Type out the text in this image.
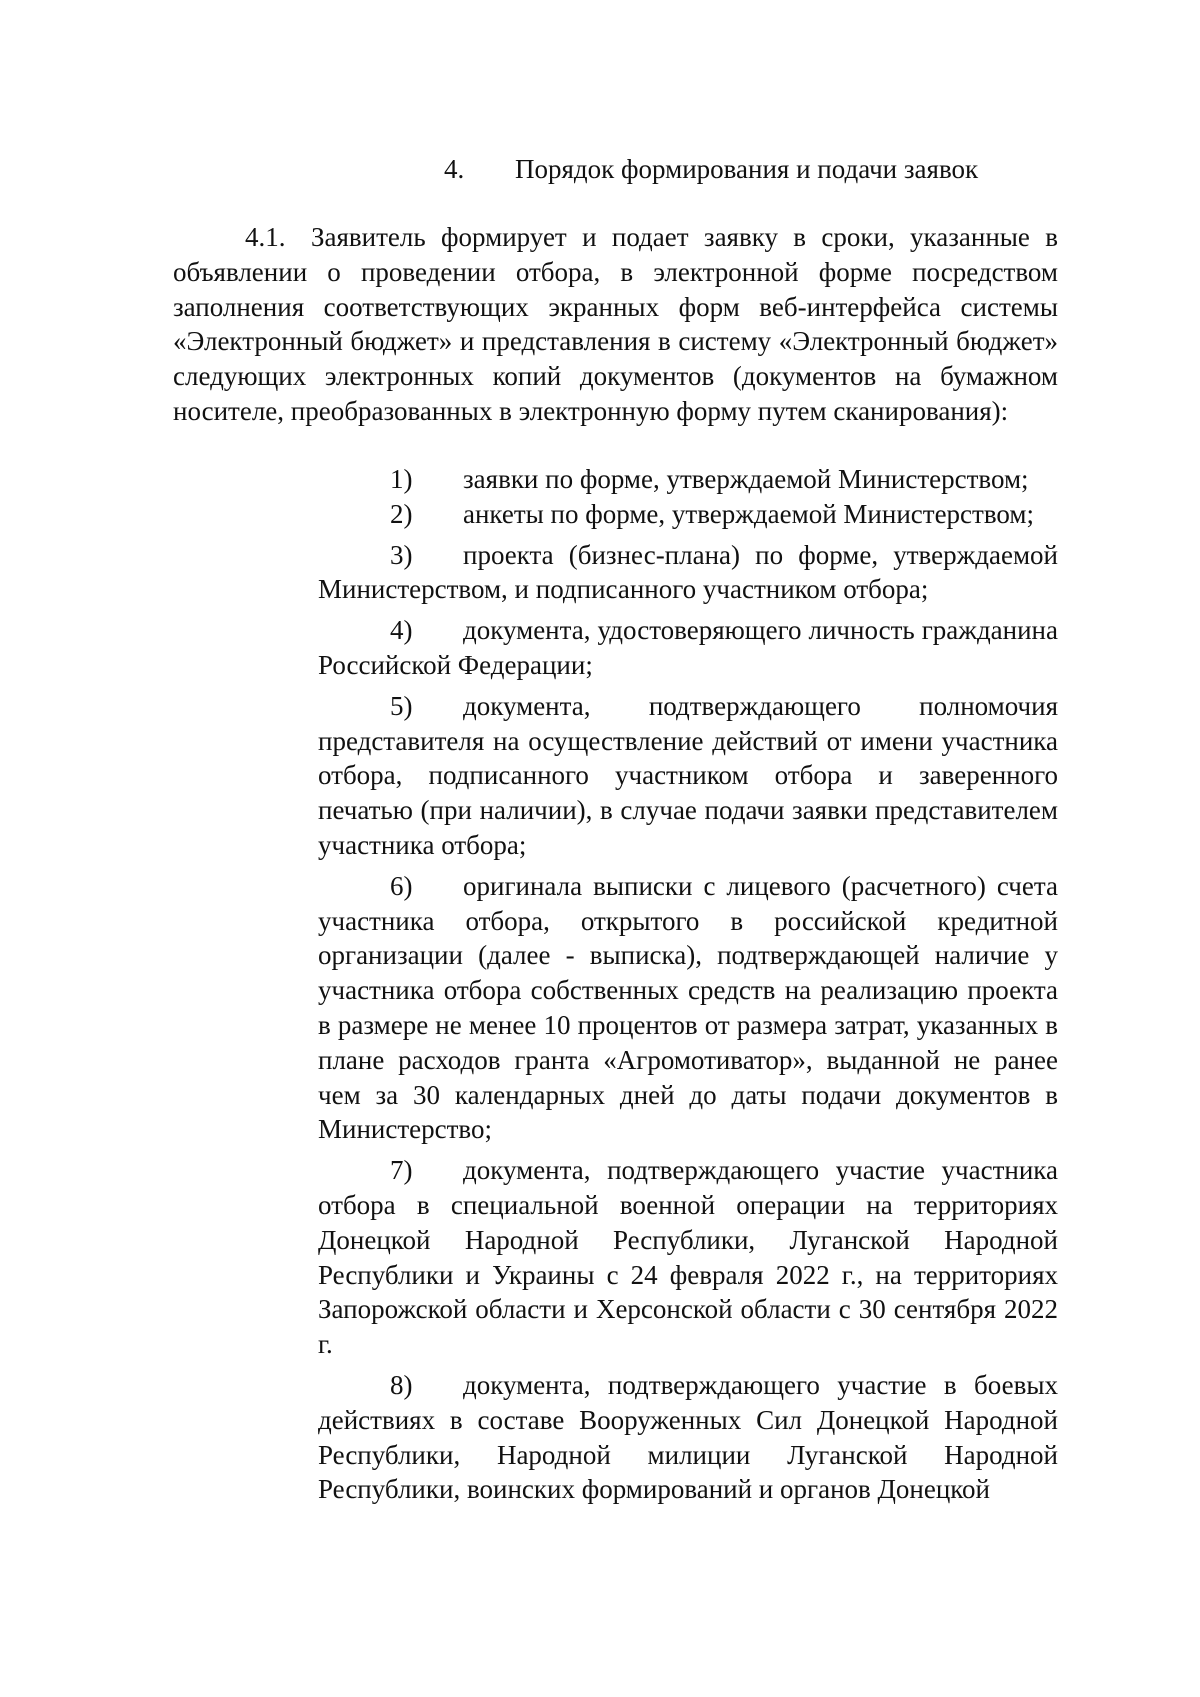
4. Порядок формирования и подачи заявок

4.1. Заявитель формирует и подает заявку в сроки, указанные в объявлении о проведении отбора, в электронной форме посредством заполнения соответствующих экранных форм веб-интерфейса системы «Электронный бюджет» и представления в систему «Электронный бюджет» следующих электронных копий документов (документов на бумажном носителе, преобразованных в электронную форму путем сканирования):

1) заявки по форме, утверждаемой Министерством;

2) анкеты по форме, утверждаемой Министерством;

3) проекта (бизнес-плана) по форме, утверждаемой Министерством, и подписанного участником отбора;

4) документа, удостоверяющего личность гражданина Российской Федерации;

5) документа, подтверждающего полномочия представителя на осуществление действий от имени участника отбора, подписанного участником отбора и заверенного печатью (при наличии), в случае подачи заявки представителем участника отбора;

6) оригинала выписки с лицевого (расчетного) счета участника отбора, открытого в российской кредитной организации (далее - выписка), подтверждающей наличие у участника отбора собственных средств на реализацию проекта в размере не менее 10 процентов от размера затрат, указанных в плане расходов гранта «Агромотиватор», выданной не ранее чем за 30 календарных дней до даты подачи документов в Министерство;

7) документа, подтверждающего участие участника отбора в специальной военной операции на территориях Донецкой Народной Республики, Луганской Народной Республики и Украины с 24 февраля 2022 г., на территориях Запорожской области и Херсонской области с 30 сентября 2022 г.

8) документа, подтверждающего участие в боевых действиях в составе Вооруженных Сил Донецкой Народной Республики, Народной милиции Луганской Народной Республики, воинских формирований и органов Донецкой
